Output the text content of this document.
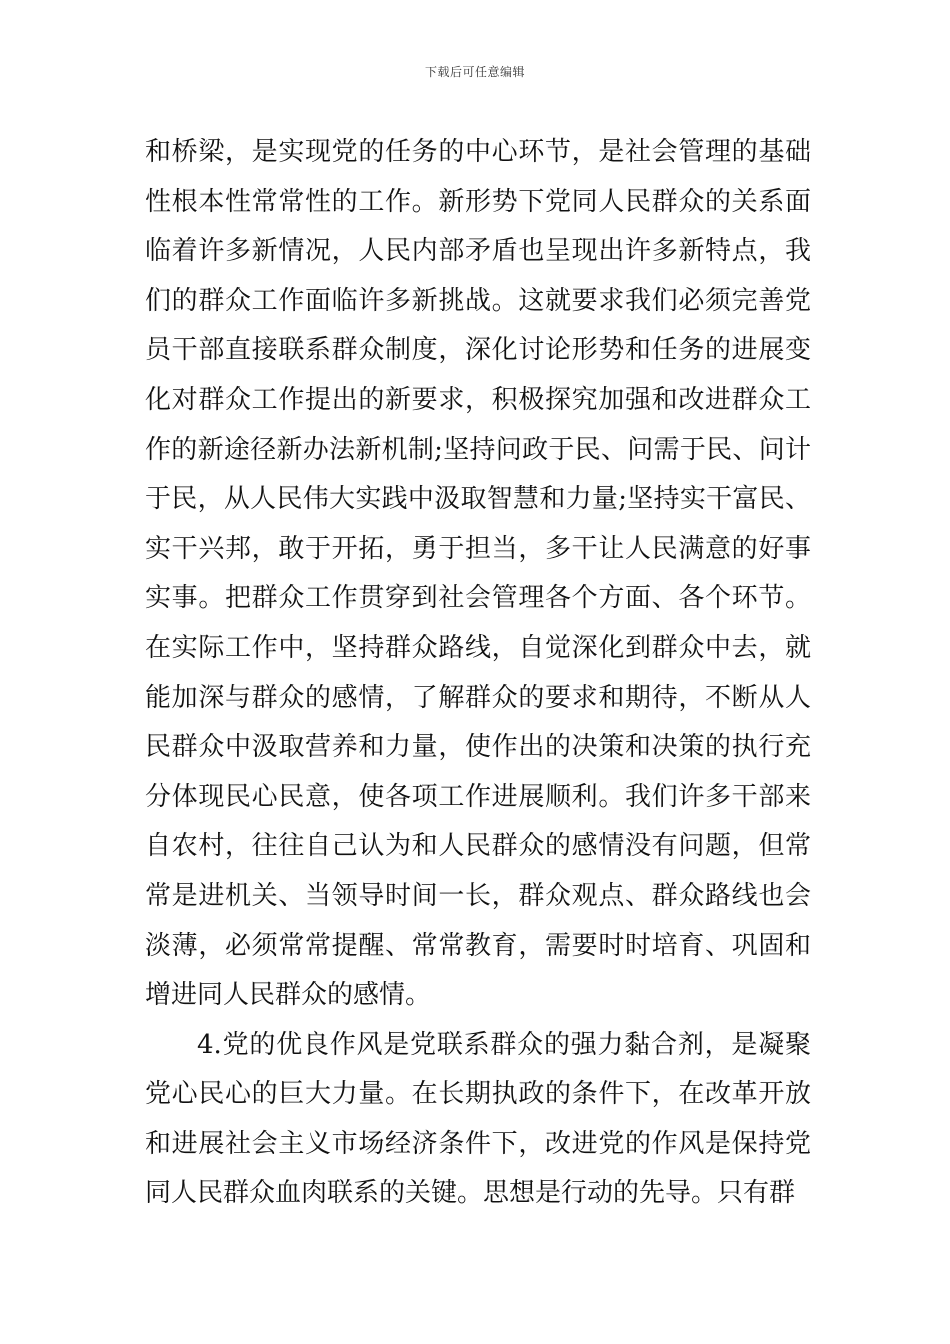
下载后可任意编辑

和桥梁，是实现党的任务的中心环节，是社会管理的基础性根本性常常性的工作。新形势下党同人民群众的关系面临着许多新情况，人民内部矛盾也呈现出许多新特点，我们的群众工作面临许多新挑战。这就要求我们必须完善党员干部直接联系群众制度，深化讨论形势和任务的进展变化对群众工作提出的新要求，积极探究加强和改进群众工作的新途径新办法新机制;坚持问政于民、问需于民、问计于民，从人民伟大实践中汲取智慧和力量;坚持实干富民、实干兴邦，敢于开拓，勇于担当，多干让人民满意的好事实事。把群众工作贯穿到社会管理各个方面、各个环节。在实际工作中，坚持群众路线，自觉深化到群众中去，就能加深与群众的感情，了解群众的要求和期待，不断从人民群众中汲取营养和力量，使作出的决策和决策的执行充分体现民心民意，使各项工作进展顺利。我们许多干部来自农村，往往自己认为和人民群众的感情没有问题，但常常是进机关、当领导时间一长，群众观点、群众路线也会淡薄，必须常常提醒、常常教育，需要时时培育、巩固和增进同人民群众的感情。

4.党的优良作风是党联系群众的强力黏合剂，是凝聚党心民心的巨大力量。在长期执政的条件下，在改革开放和进展社会主义市场经济条件下，改进党的作风是保持党同人民群众血肉联系的关键。思想是行动的先导。只有群
